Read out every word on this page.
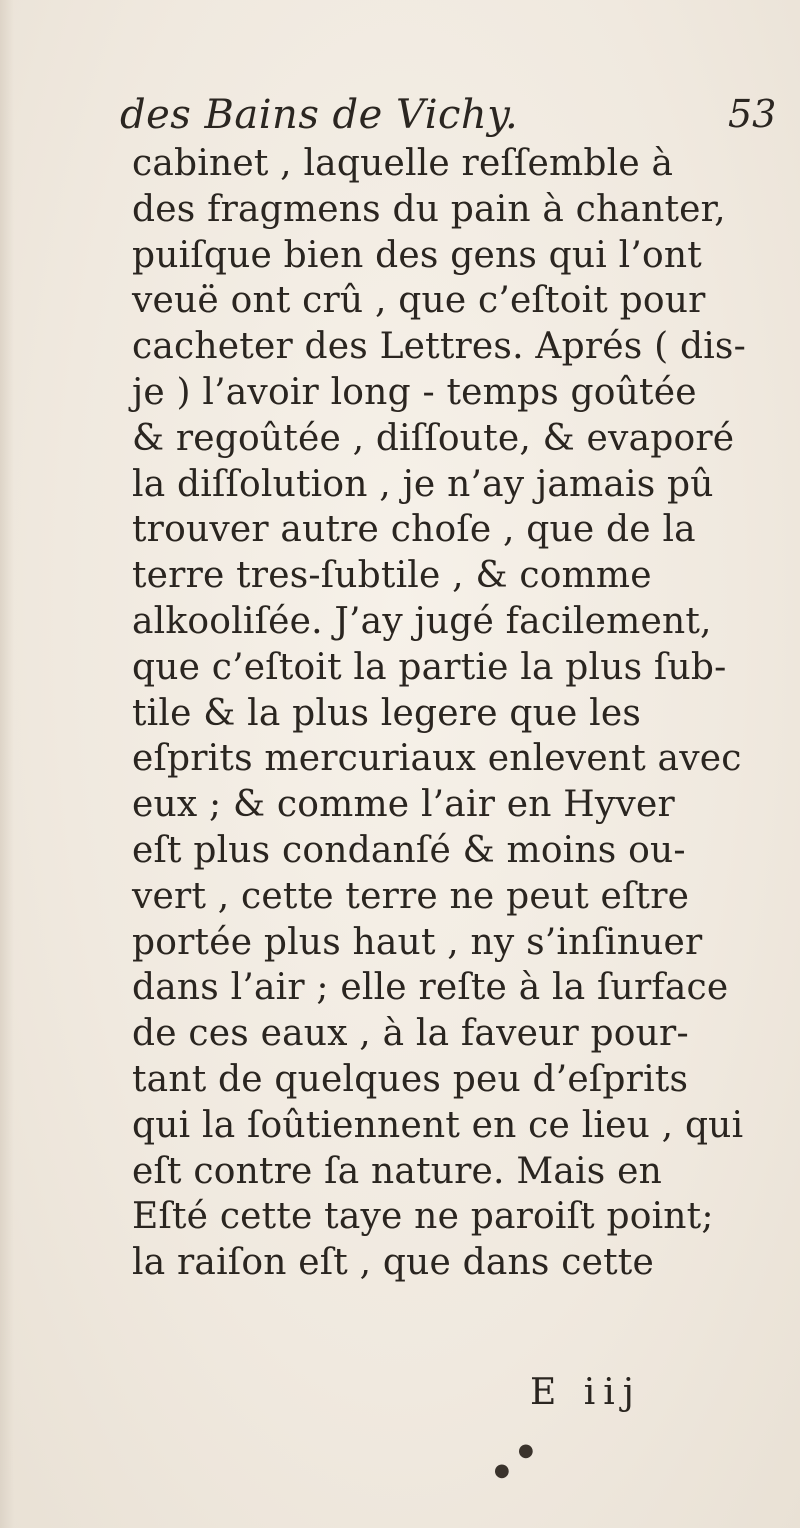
des Bains de Vichy.	53
cabinet , laquelle reſſemble à
des fragmens du pain à chanter,
puiſque bien des gens qui l’ont
veuë ont crû , que c’eſtoit pour
cacheter des Lettres. Aprés ( dis-
je ) l’avoir long - temps goûtée
& regoûtée , diſſoute, & evaporé
la diſſolution , je n’ay jamais pû
trouver autre choſe , que de la
terre tres-ſubtile , & comme
alkooliſée. J’ay jugé facilement,
que c’eſtoit la partie la plus ſub-
tile & la plus legere que les
eſprits mercuriaux enlevent avec
eux ; & comme l’air en Hyver
eſt plus condanſé & moins ou-
vert , cette terre ne peut eſtre
portée plus haut , ny s’inſinuer
dans l’air ; elle reſte à la ſurface
de ces eaux , à la faveur pour-
tant de quelques peu d’eſprits
qui la ſoûtiennent en ce lieu , qui
eſt contre ſa nature. Mais en
Eſté cette taye ne paroiſt point;
la raiſon eſt , que dans cette
E iij
●
●
